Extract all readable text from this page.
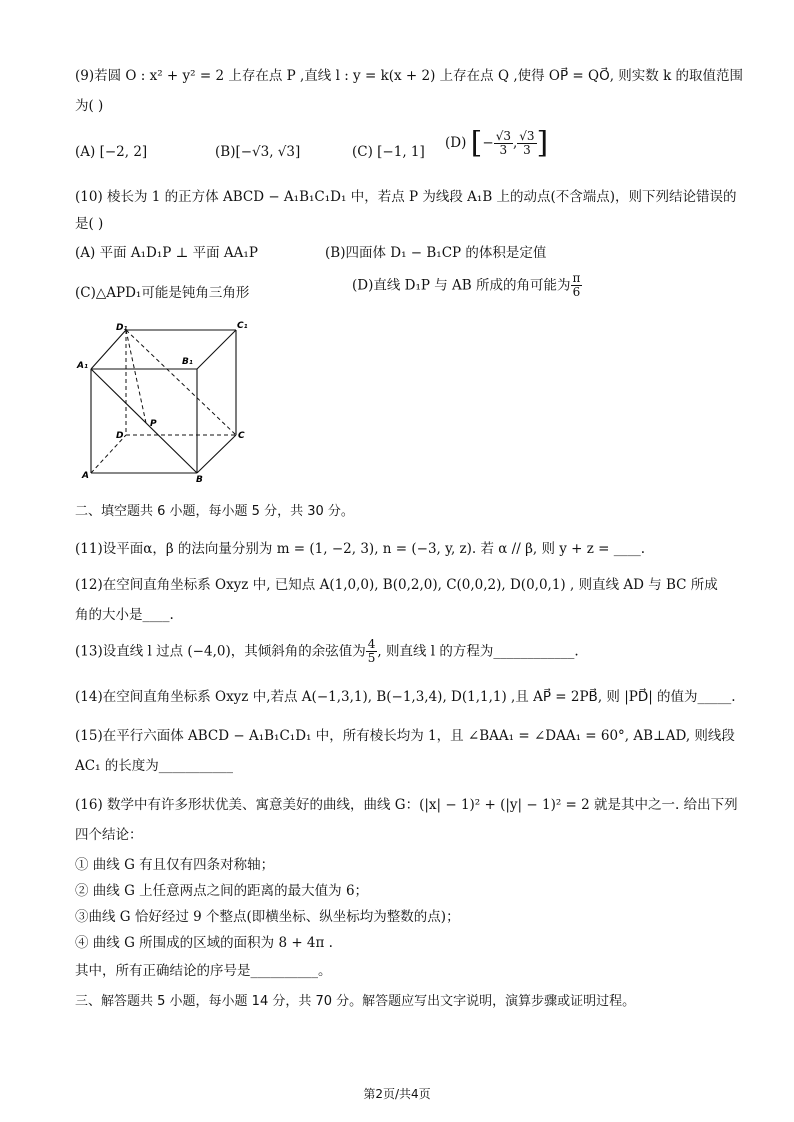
(9)若圆 O : x² + y² = 2 上存在点 P ,直线 l : y = k(x + 2) 上存在点 Q ,使得 OP⃗ = QO⃗, 则实数 k 的取值范围
为( )
(A) [−2, 2]	(B)[−√3, √3]	(C) [−1, 1]
(D) [− $\frac{√3}{3}$ , $\frac{√3}{3}$ ]
(10) 棱长为 1 的正方体 ABCD − A₁B₁C₁D₁ 中，若点 P 为线段 A₁B 上的动点(不含端点)，则下列结论错误的
是( )
(A) 平面 A₁D₁P ⊥ 平面 AA₁P	(B)四面体 D₁ − B₁CP 的体积是定值
(C)△APD₁可能是钝角三角形	(D)直线 D₁P 与 AB 所成的角可能为 $\frac{\pi}{6}$
D₁	C₁
A₁	B₁
D
P
C
A	B
二、填空题共 6 小题，每小题 5 分，共 30 分。
(11)设平面α，β 的法向量分别为 m = (1, −2, 3), n = (−3, y, z). 若 α // β, 则 y + z = ____.
(12)在空间直角坐标系 Oxyz 中, 已知点 A(1,0,0), B(0,2,0), C(0,0,2), D(0,0,1) , 则直线 AD 与 BC 所成
角的大小是____.
(13)设直线 l 过点 (−4,0)，其倾斜角的余弦值为 $\frac{4}{5}$ , 则直线 l 的方程为____________.
(14)在空间直角坐标系 Oxyz 中,若点 A(−1,3,1), B(−1,3,4), D(1,1,1) ,且 AP⃗ = 2PB⃗, 则 |PD⃗| 的值为_____.
(15)在平行六面体 ABCD − A₁B₁C₁D₁ 中，所有棱长均为 1，且 ∠BAA₁ = ∠DAA₁ = 60°, AB⊥AD, 则线段
AC₁ 的长度为___________
(16) 数学中有许多形状优美、寓意美好的曲线，曲线 G：(|x| − 1)² + (|y| − 1)² = 2 就是其中之一. 给出下列
四个结论：
① 曲线 G 有且仅有四条对称轴；
② 曲线 G 上任意两点之间的距离的最大值为 6；
③曲线 G 恰好经过 9 个整点(即横坐标、纵坐标均为整数的点)；
④ 曲线 G 所围成的区域的面积为 8 + 4π .
其中，所有正确结论的序号是__________。
三、解答题共 5 小题，每小题 14 分，共 70 分。解答题应写出文字说明，演算步骤或证明过程。
第2页/共4页
